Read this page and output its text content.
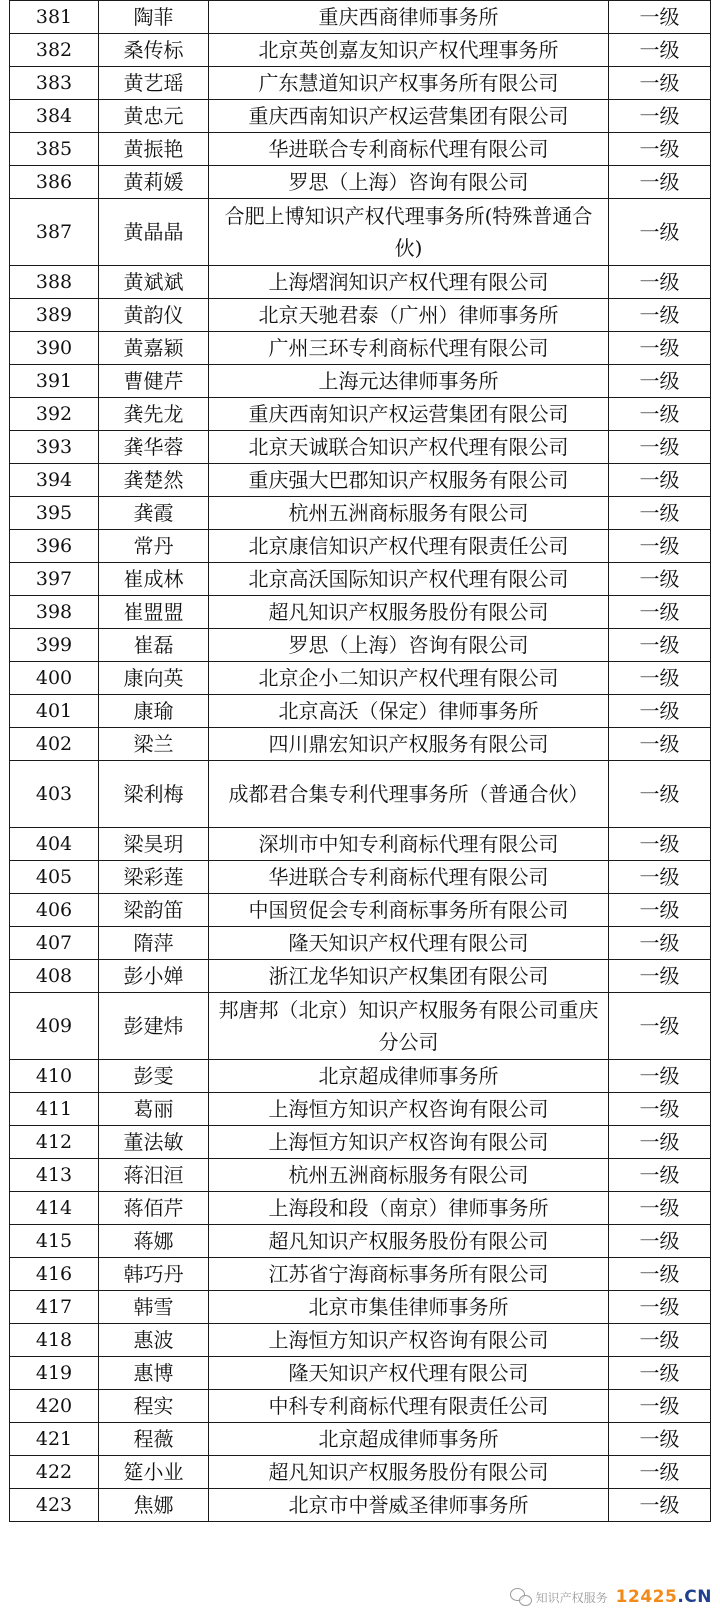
381	陶菲	重庆西商律师事务所	一级
382	桑传标	北京英创嘉友知识产权代理事务所	一级
383	黄艺瑶	广东慧道知识产权事务所有限公司	一级
384	黄忠元	重庆西南知识产权运营集团有限公司	一级
385	黄振艳	华进联合专利商标代理有限公司	一级
386	黄莉媛	罗思（上海）咨询有限公司	一级
387	黄晶晶	合肥上博知识产权代理事务所(特殊普通合伙)	一级
388	黄斌斌	上海熠润知识产权代理有限公司	一级
389	黄韵仪	北京天驰君泰（广州）律师事务所	一级
390	黄嘉颖	广州三环专利商标代理有限公司	一级
391	曹健芹	上海元达律师事务所	一级
392	龚先龙	重庆西南知识产权运营集团有限公司	一级
393	龚华蓉	北京天诚联合知识产权代理有限公司	一级
394	龚楚然	重庆强大巴郡知识产权服务有限公司	一级
395	龚霞	杭州五洲商标服务有限公司	一级
396	常丹	北京康信知识产权代理有限责任公司	一级
397	崔成林	北京高沃国际知识产权代理有限公司	一级
398	崔盟盟	超凡知识产权服务股份有限公司	一级
399	崔磊	罗思（上海）咨询有限公司	一级
400	康向英	北京企小二知识产权代理有限公司	一级
401	康瑜	北京高沃（保定）律师事务所	一级
402	梁兰	四川鼎宏知识产权服务有限公司	一级
403	梁利梅	成都君合集专利代理事务所（普通合伙）	一级
404	梁昊玥	深圳市中知专利商标代理有限公司	一级
405	梁彩莲	华进联合专利商标代理有限公司	一级
406	梁韵笛	中国贸促会专利商标事务所有限公司	一级
407	隋萍	隆天知识产权代理有限公司	一级
408	彭小婵	浙江龙华知识产权集团有限公司	一级
409	彭建炜	邦唐邦（北京）知识产权服务有限公司重庆分公司	一级
410	彭雯	北京超成律师事务所	一级
411	葛丽	上海恒方知识产权咨询有限公司	一级
412	董法敏	上海恒方知识产权咨询有限公司	一级
413	蒋汨洹	杭州五洲商标服务有限公司	一级
414	蒋佰芹	上海段和段（南京）律师事务所	一级
415	蒋娜	超凡知识产权服务股份有限公司	一级
416	韩巧丹	江苏省宁海商标事务所有限公司	一级
417	韩雪	北京市集佳律师事务所	一级
418	惠波	上海恒方知识产权咨询有限公司	一级
419	惠博	隆天知识产权代理有限公司	一级
420	程实	中科专利商标代理有限责任公司	一级
421	程薇	北京超成律师事务所	一级
422	筵小业	超凡知识产权服务股份有限公司	一级
423	焦娜	北京市中誉威圣律师事务所	一级
知识产权服务 12425.CN
